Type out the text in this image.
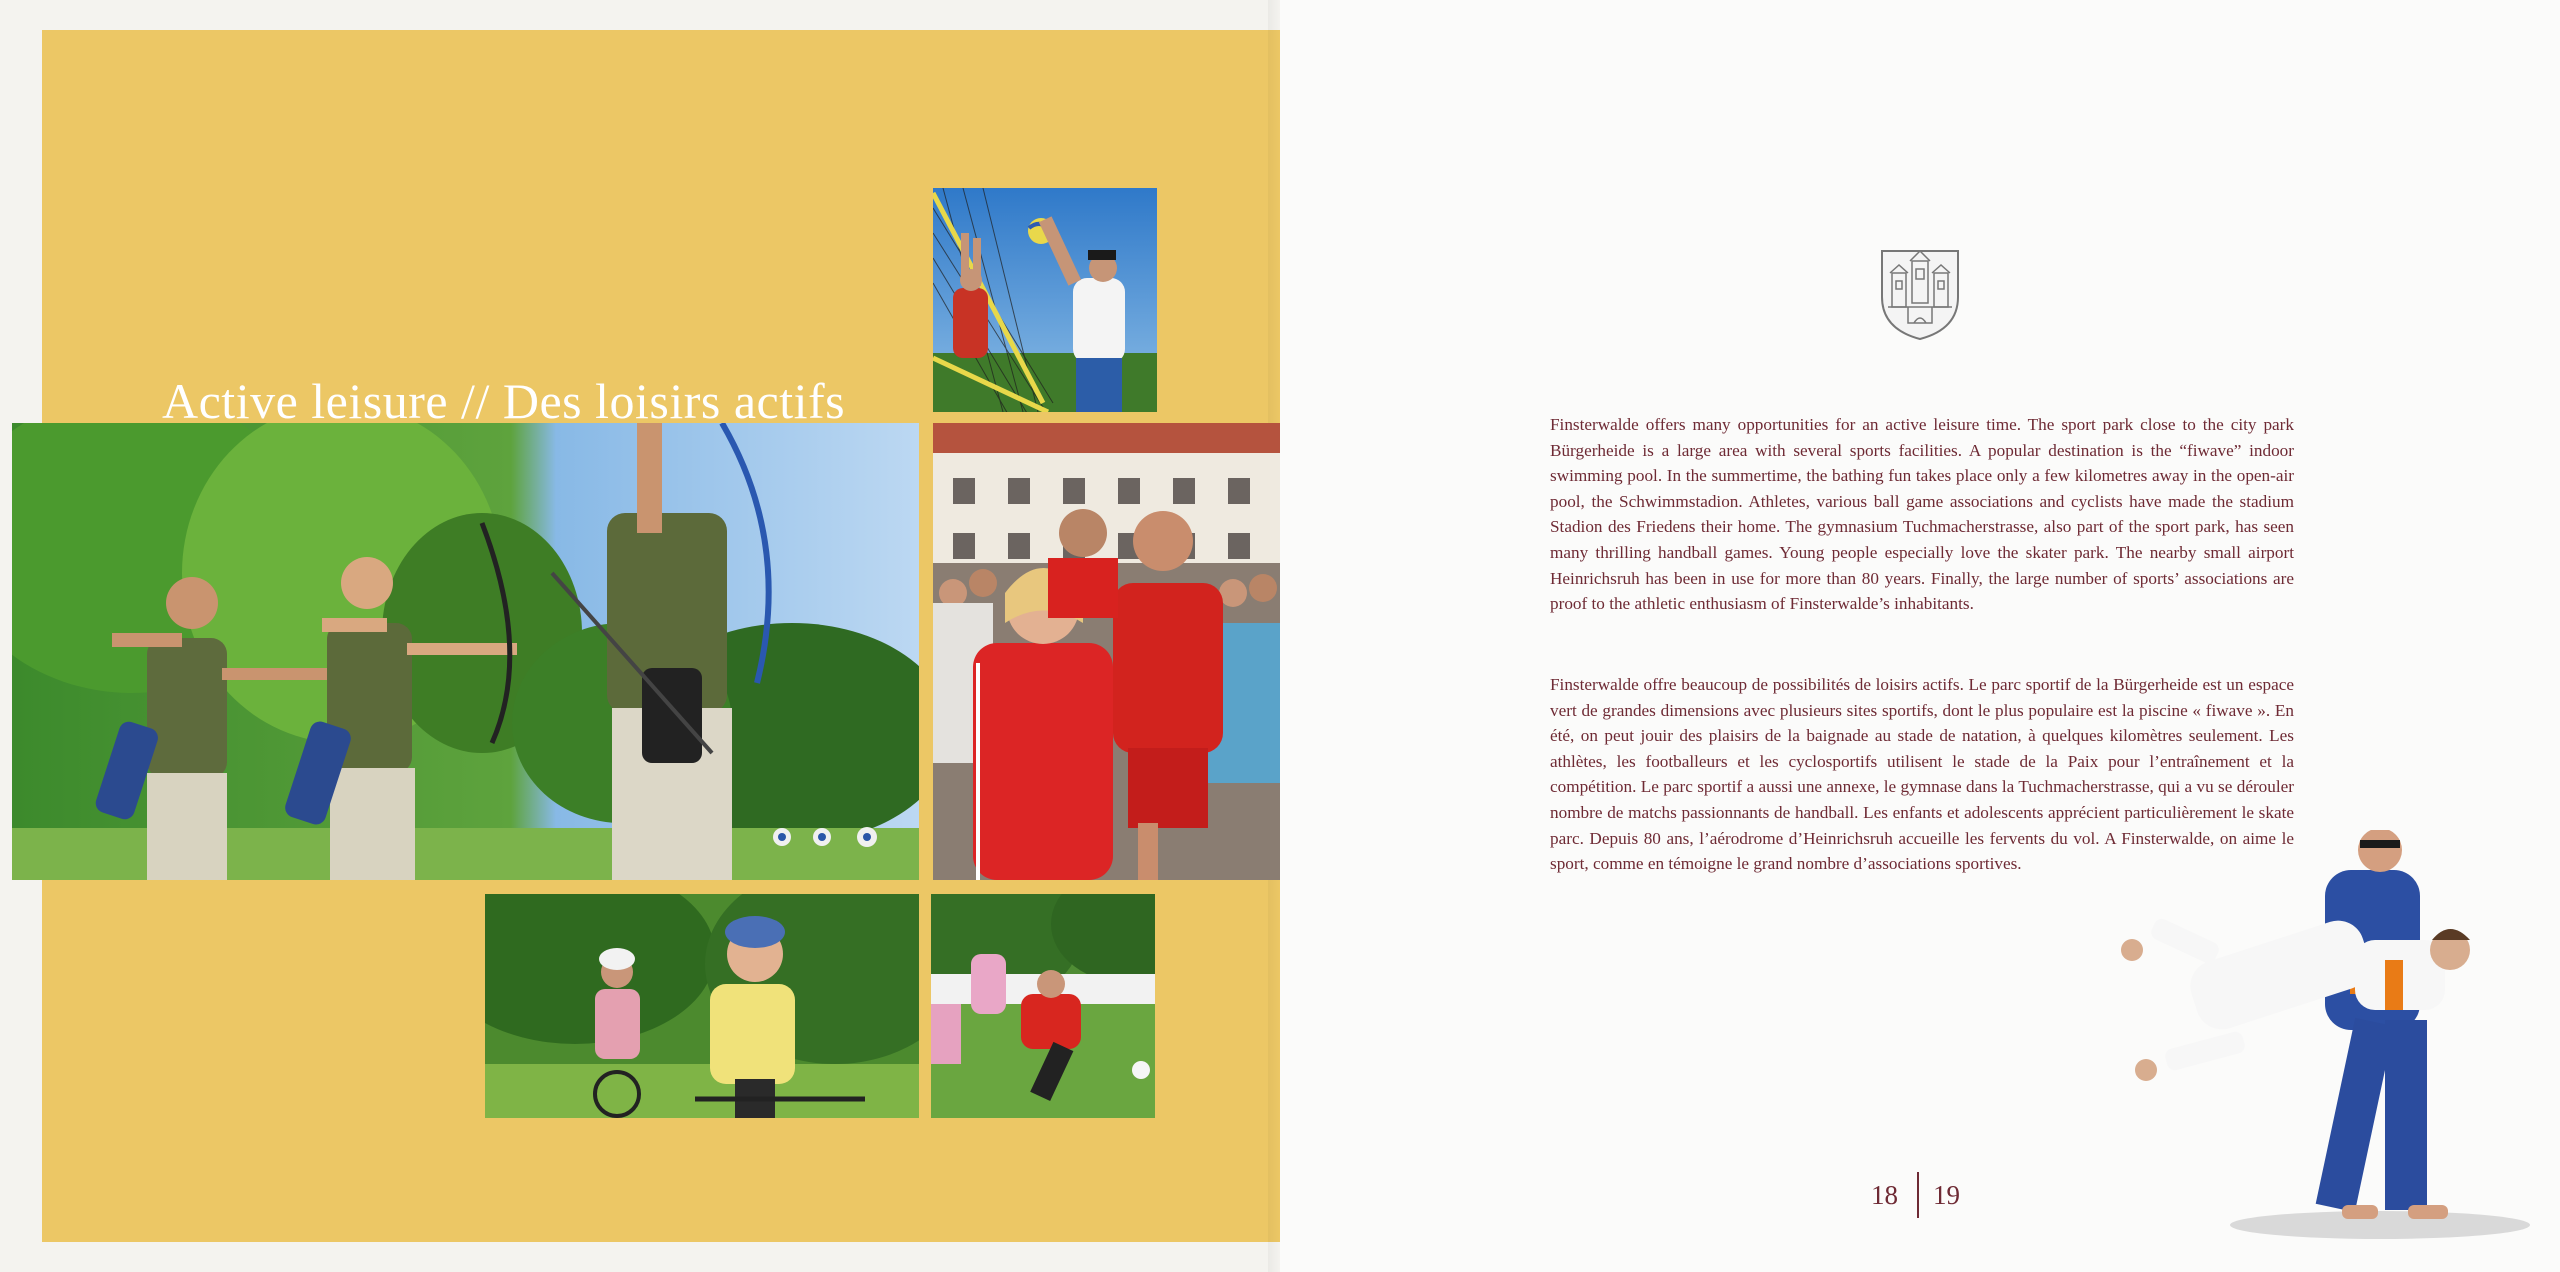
Active leisure // Des loisirs actifs	Finsterwalde offers many opportunities for an active leisure time. The sport park close to the city park Bürgerheide is a large area with several sports facilities. A popular destination is the “fiwave” indoor swimming pool. In the summertime, the bathing fun takes place only a few kilometres away in the open-air pool, the Schwimmstadion. Athletes, various ball game associations and cyclists have made the stadium Stadion des Friedens their home. The gymnasium Tuchmacherstrasse, also part of the sport park, has seen many thrilling handball games. Young people especially love the skater park. The nearby small airport Heinrichsruh has been in use for more than 80 years. Finally, the large number of sports’ associations are proof to the athletic enthusiasm of Finsterwalde’s inhabitants.

Finsterwalde offre beaucoup de possibilités de loisirs actifs. Le parc sportif de la Bürgerheide est un espace vert de grandes dimensions avec plusieurs sites sportifs, dont le plus populaire est la piscine « fiwave ». En été, on peut jouir des plaisirs de la baignade au stade de natation, à quelques kilomètres seulement. Les athlètes, les footballeurs et les cyclosportifs utilisent le stade de la Paix pour l’entraînement et la compétition. Le parc sportif a aussi une annexe, le gymnase dans la Tuchmacherstrasse, qui a vu se dérouler nombre de matchs passionnants de handball. Les enfants et adolescents apprécient particulièrement le skate parc. Depuis 80 ans, l’aérodrome d’Heinrichsruh accueille les fervents du vol. A Finsterwalde, on aime le sport, comme en témoigne le grand nombre d’associations sportives.

18 19
